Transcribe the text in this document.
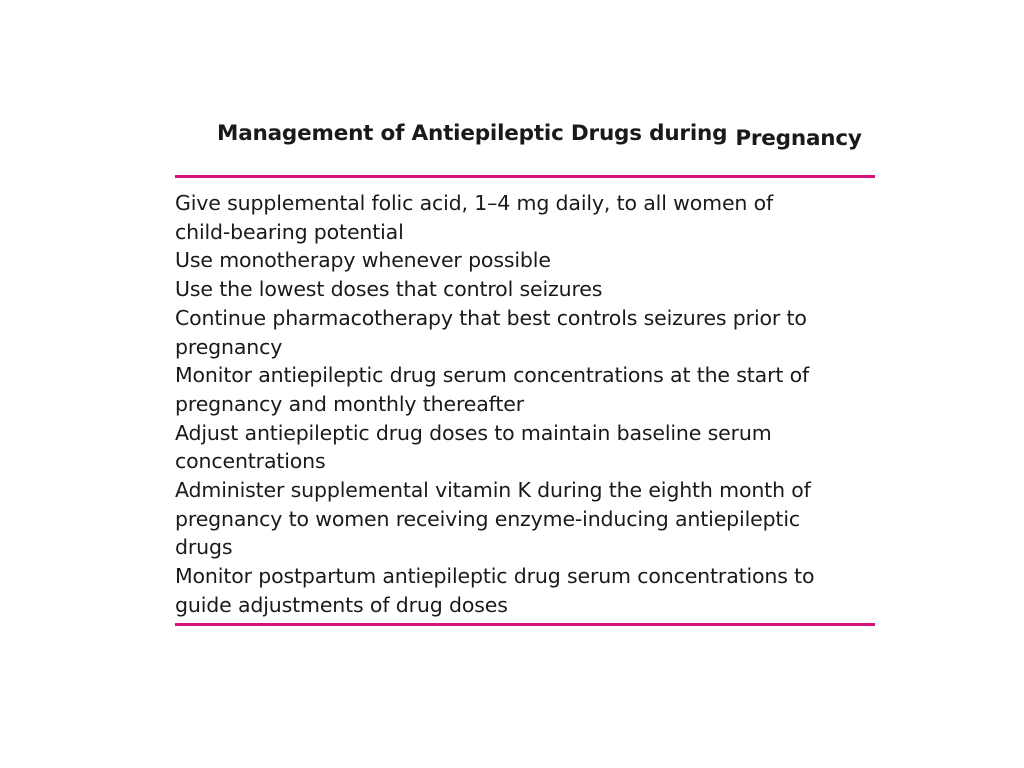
Management of Antiepileptic Drugs during Pregnancy
Give supplemental folic acid, 1–4 mg daily, to all women of
child-bearing potential
Use monotherapy whenever possible
Use the lowest doses that control seizures
Continue pharmacotherapy that best controls seizures prior to
pregnancy
Monitor antiepileptic drug serum concentrations at the start of
pregnancy and monthly thereafter
Adjust antiepileptic drug doses to maintain baseline serum
concentrations
Administer supplemental vitamin K during the eighth month of
pregnancy to women receiving enzyme-inducing antiepileptic
drugs
Monitor postpartum antiepileptic drug serum concentrations to
guide adjustments of drug doses
